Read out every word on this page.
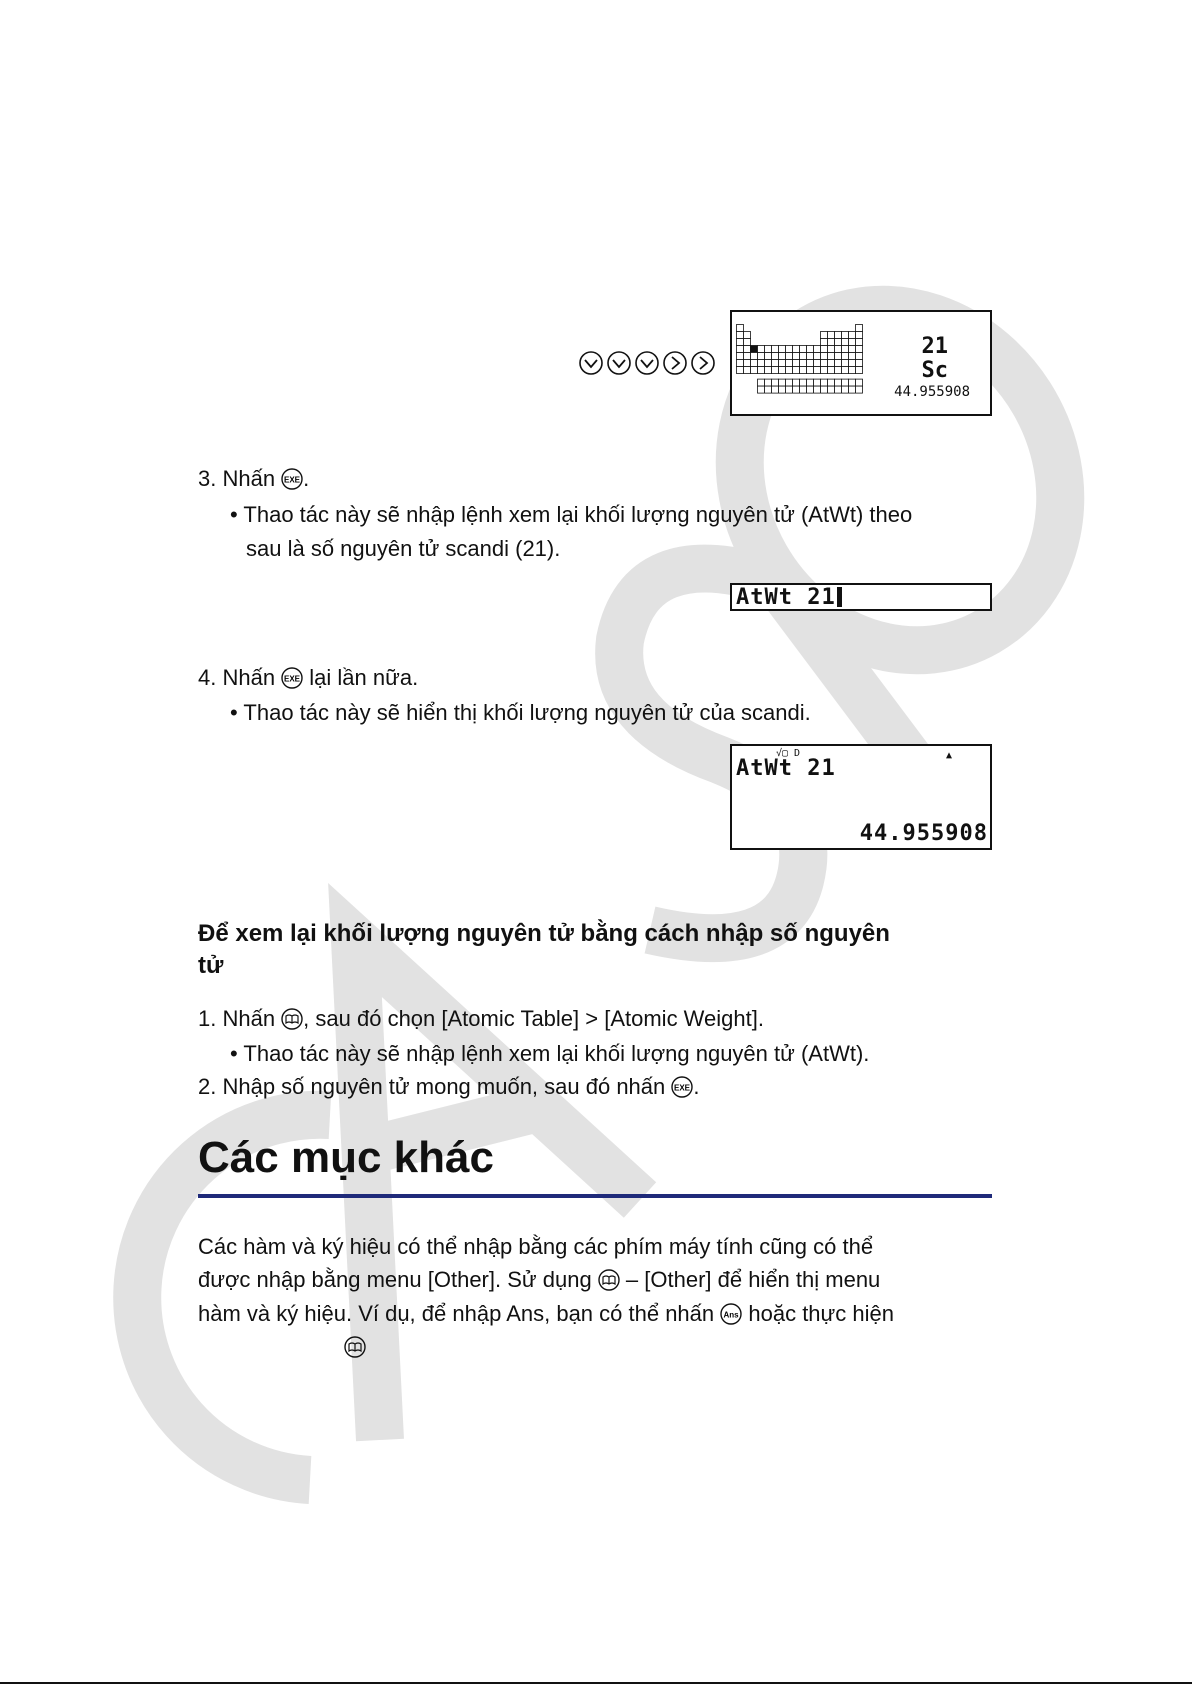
21
Sc
44.955908
3. Nhấn EXE .
• Thao tác này sẽ nhập lệnh xem lại khối lượng nguyên tử (AtWt) theo
sau là số nguyên tử scandi (21).
AtWt 21
4. Nhấn EXE lại lần nữa.
• Thao tác này sẽ hiển thị khối lượng nguyên tử của scandi.
√▢ D	▲
AtWt 21
44.955908
Để xem lại khối lượng nguyên tử bằng cách nhập số nguyên
tử
1. Nhấn , sau đó chọn [Atomic Table] > [Atomic Weight].
• Thao tác này sẽ nhập lệnh xem lại khối lượng nguyên tử (AtWt).
2. Nhập số nguyên tử mong muốn, sau đó nhấn EXE .
Các mục khác
Các hàm và ký hiệu có thể nhập bằng các phím máy tính cũng có thể
được nhập bằng menu [Other]. Sử dụng  – [Other] để hiển thị menu
hàm và ký hiệu. Ví dụ, để nhập Ans, bạn có thể nhấn Ans hoặc thực hiện
